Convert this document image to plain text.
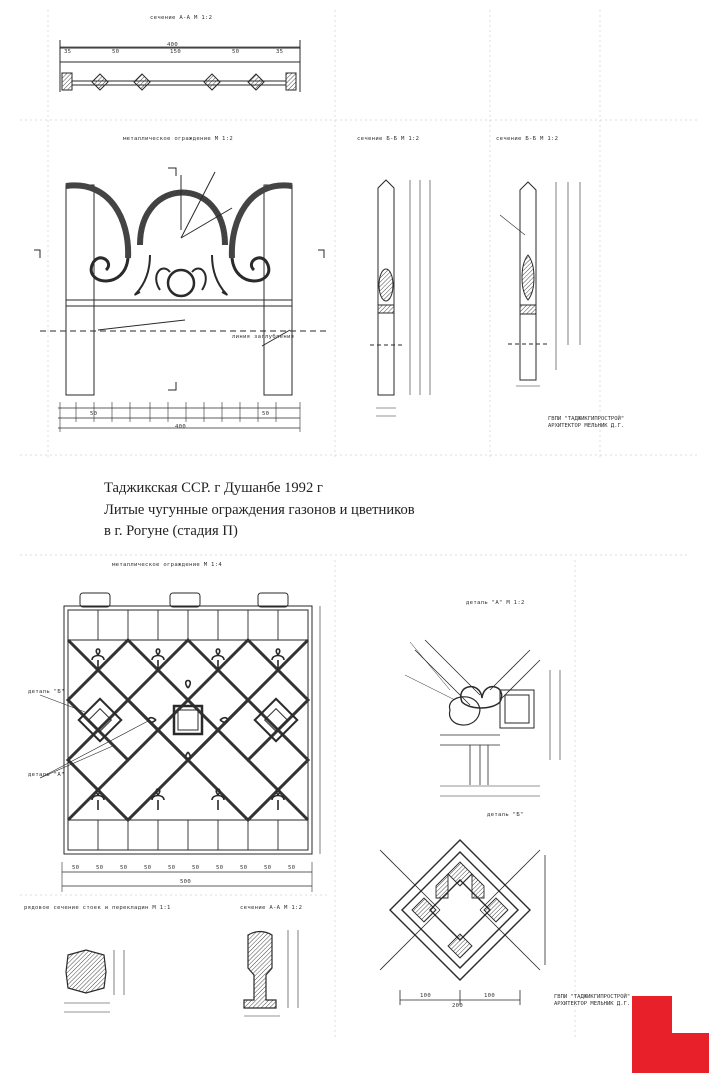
сечение А-А М 1:2
металлическое ограждение М 1:2	сечение Б-Б М 1:2	сечение Б-Б М 1:2
линия заглубления
400
35	50	150	50	35
50	50
400
ГВПИ "ТАДЖИКГИПРОСТРОЙ"
АРХИТЕКТОР МЕЛЬНИК Д.Г.
Таджикская ССР. г Душанбе 1992 г
Литые чугунные ограждения газонов и цветников
в г. Рогуне (стадия П)
металлическое ограждение М 1:4
деталь "А" М 1:2
деталь "Б"
деталь "Б"
деталь "А"
рядовое сечение стоек и перекладин М 1:1	сечение А-А М 1:2
50	50	50	50	50	50	50	50	50	50
500
100	100
200
ГВПИ "ТАДЖИКГИПРОСТРОЙ"
АРХИТЕКТОР МЕЛЬНИК Д.Г.
